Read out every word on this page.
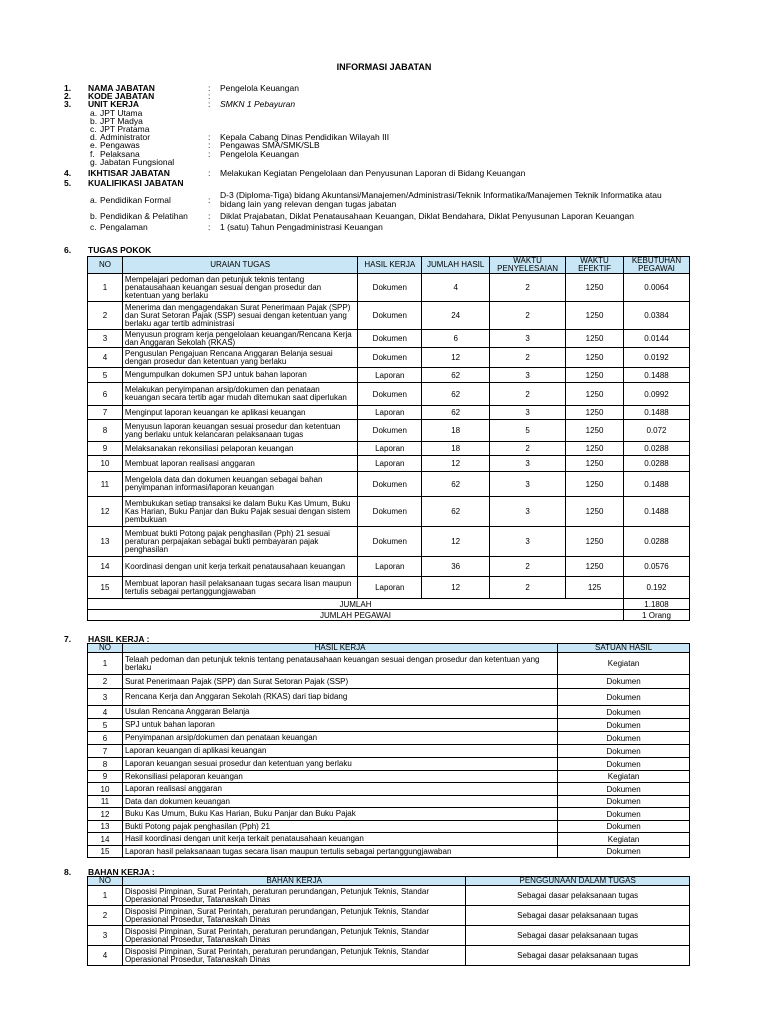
INFORMASI JABATAN
1.	NAMA JABATAN	:	Pengelola Keuangan
2.	KODE JABATAN	:
3.	UNIT KERJA	:	SMKN 1 Pebayuran
a. JPT Utama
b. JPT Madya
c. JPT Pratama
d. Administrator	:	Kepala Cabang Dinas Pendidikan Wilayah III
e. Pengawas	:	Pengawas SMA/SMK/SLB
f. Pelaksana	:	Pengelola Keuangan
g. Jabatan Fungsional
4.	IKHTISAR JABATAN	:	Melakukan Kegiatan Pengelolaan dan Penyusunan Laporan di Bidang Keuangan
5.	KUALIFIKASI JABATAN
a. Pendidikan Formal	:	D-3 (Diploma-Tiga) bidang Akuntansi/Manajemen/Administrasi/Teknik Informatika/Manajemen Teknik Informatika atau bidang lain yang relevan dengan tugas jabatan
b. Pendidikan & Pelatihan	:	Diklat Prajabatan, Diklat Penatausahaan Keuangan, Diklat Bendahara, Diklat Penyusunan Laporan Keuangan
c. Pengalaman	:	1 (satu) Tahun Pengadministrasi Keuangan
6. TUGAS POKOK
NO	URAIAN TUGAS	HASIL KERJA	JUMLAH HASIL	WAKTU PENYELESAIAN	WAKTU EFEKTIF	KEBUTUHAN PEGAWAI
1	Mempelajari pedoman dan petunjuk teknis tentang penatausahaan keuangan sesuai dengan prosedur dan ketentuan yang berlaku	Dokumen	4	2	1250	0.0064
2	Menerima dan mengagendakan Surat Penerimaan Pajak (SPP) dan Surat Setoran Pajak (SSP) sesuai dengan ketentuan yang berlaku agar tertib administrasi	Dokumen	24	2	1250	0.0384
3	Menyusun program kerja pengelolaan keuangan/Rencana Kerja dan Anggaran Sekolah (RKAS)	Dokumen	6	3	1250	0.0144
4	Pengusulan Pengajuan Rencana Anggaran Belanja sesuai dengan prosedur dan ketentuan yang berlaku	Dokumen	12	2	1250	0.0192
5	Mengumpulkan dokumen SPJ untuk bahan laporan	Laporan	62	3	1250	0.1488
6	Melakukan penyimpanan arsip/dokumen dan penataan keuangan secara tertib agar mudah ditemukan saat diperlukan	Dokumen	62	2	1250	0.0992
7	Menginput laporan keuangan ke aplikasi keuangan	Laporan	62	3	1250	0.1488
8	Menyusun laporan keuangan sesuai prosedur dan ketentuan yang berlaku untuk kelancaran pelaksanaan tugas	Dokumen	18	5	1250	0.072
9	Melaksanakan rekonsiliasi pelaporan keuangan	Laporan	18	2	1250	0.0288
10	Membuat laporan realisasi anggaran	Laporan	12	3	1250	0.0288
11	Mengelola data dan dokumen keuangan sebagai bahan penyimpanan informasi/laporan keuangan	Dokumen	62	3	1250	0.1488
12	Membukukan setiap transaksi ke dalam Buku Kas Umum, Buku Kas Harian, Buku Panjar dan Buku Pajak sesuai dengan sistem pembukuan	Dokumen	62	3	1250	0.1488
13	Membuat bukti Potong pajak penghasilan (Pph) 21 sesuai peraturan perpajakan sebagai bukti pembayaran pajak penghasilan	Dokumen	12	3	1250	0.0288
14	Koordinasi dengan unit kerja terkait penatausahaan keuangan	Laporan	36	2	1250	0.0576
15	Membuat laporan hasil pelaksanaan tugas secara lisan maupun tertulis sebagai pertanggungjawaban	Laporan	12	2	125	0.192
JUMLAH						1.1808
JUMLAH PEGAWAI						1 Orang
7. HASIL KERJA :
NO	HASIL KERJA	SATUAN HASIL
1	Telaah pedoman dan petunjuk teknis tentang penatausahaan keuangan sesuai dengan prosedur dan ketentuan yang berlaku	Kegiatan
2	Surat Penerimaan Pajak (SPP) dan Surat Setoran Pajak (SSP)	Dokumen
3	Rencana Kerja dan Anggaran Sekolah (RKAS) dari tiap bidang	Dokumen
4	Usulan Rencana Anggaran Belanja	Dokumen
5	SPJ untuk bahan laporan	Dokumen
6	Penyimpanan arsip/dokumen dan penataan keuangan	Dokumen
7	Laporan keuangan di aplikasi keuangan	Dokumen
8	Laporan keuangan sesuai prosedur dan ketentuan yang berlaku	Dokumen
9	Rekonsiliasi pelaporan keuangan	Kegiatan
10	Laporan realisasi anggaran	Dokumen
11	Data dan dokumen keuangan	Dokumen
12	Buku Kas Umum, Buku Kas Harian, Buku Panjar dan Buku Pajak	Dokumen
13	Bukti Potong pajak penghasilan (Pph) 21	Dokumen
14	Hasil koordinasi dengan unit kerja terkait penatausahaan keuangan	Kegiatan
15	Laporan hasil pelaksanaan tugas secara lisan maupun tertulis sebagai pertanggungjawaban	Dokumen
8. BAHAN KERJA :
NO	BAHAN KERJA	PENGGUNAAN DALAM TUGAS
1	Disposisi Pimpinan, Surat Perintah, peraturan perundangan, Petunjuk Teknis, Standar Operasional Prosedur, Tatanaskah Dinas	Sebagai dasar pelaksanaan tugas
2	Disposisi Pimpinan, Surat Perintah, peraturan perundangan, Petunjuk Teknis, Standar Operasional Prosedur, Tatanaskah Dinas	Sebagai dasar pelaksanaan tugas
3	Disposisi Pimpinan, Surat Perintah, peraturan perundangan, Petunjuk Teknis, Standar Operasional Prosedur, Tatanaskah Dinas	Sebagai dasar pelaksanaan tugas
4	Disposisi Pimpinan, Surat Perintah, peraturan perundangan, Petunjuk Teknis, Standar Operasional Prosedur, Tatanaskah Dinas	Sebagai dasar pelaksanaan tugas
